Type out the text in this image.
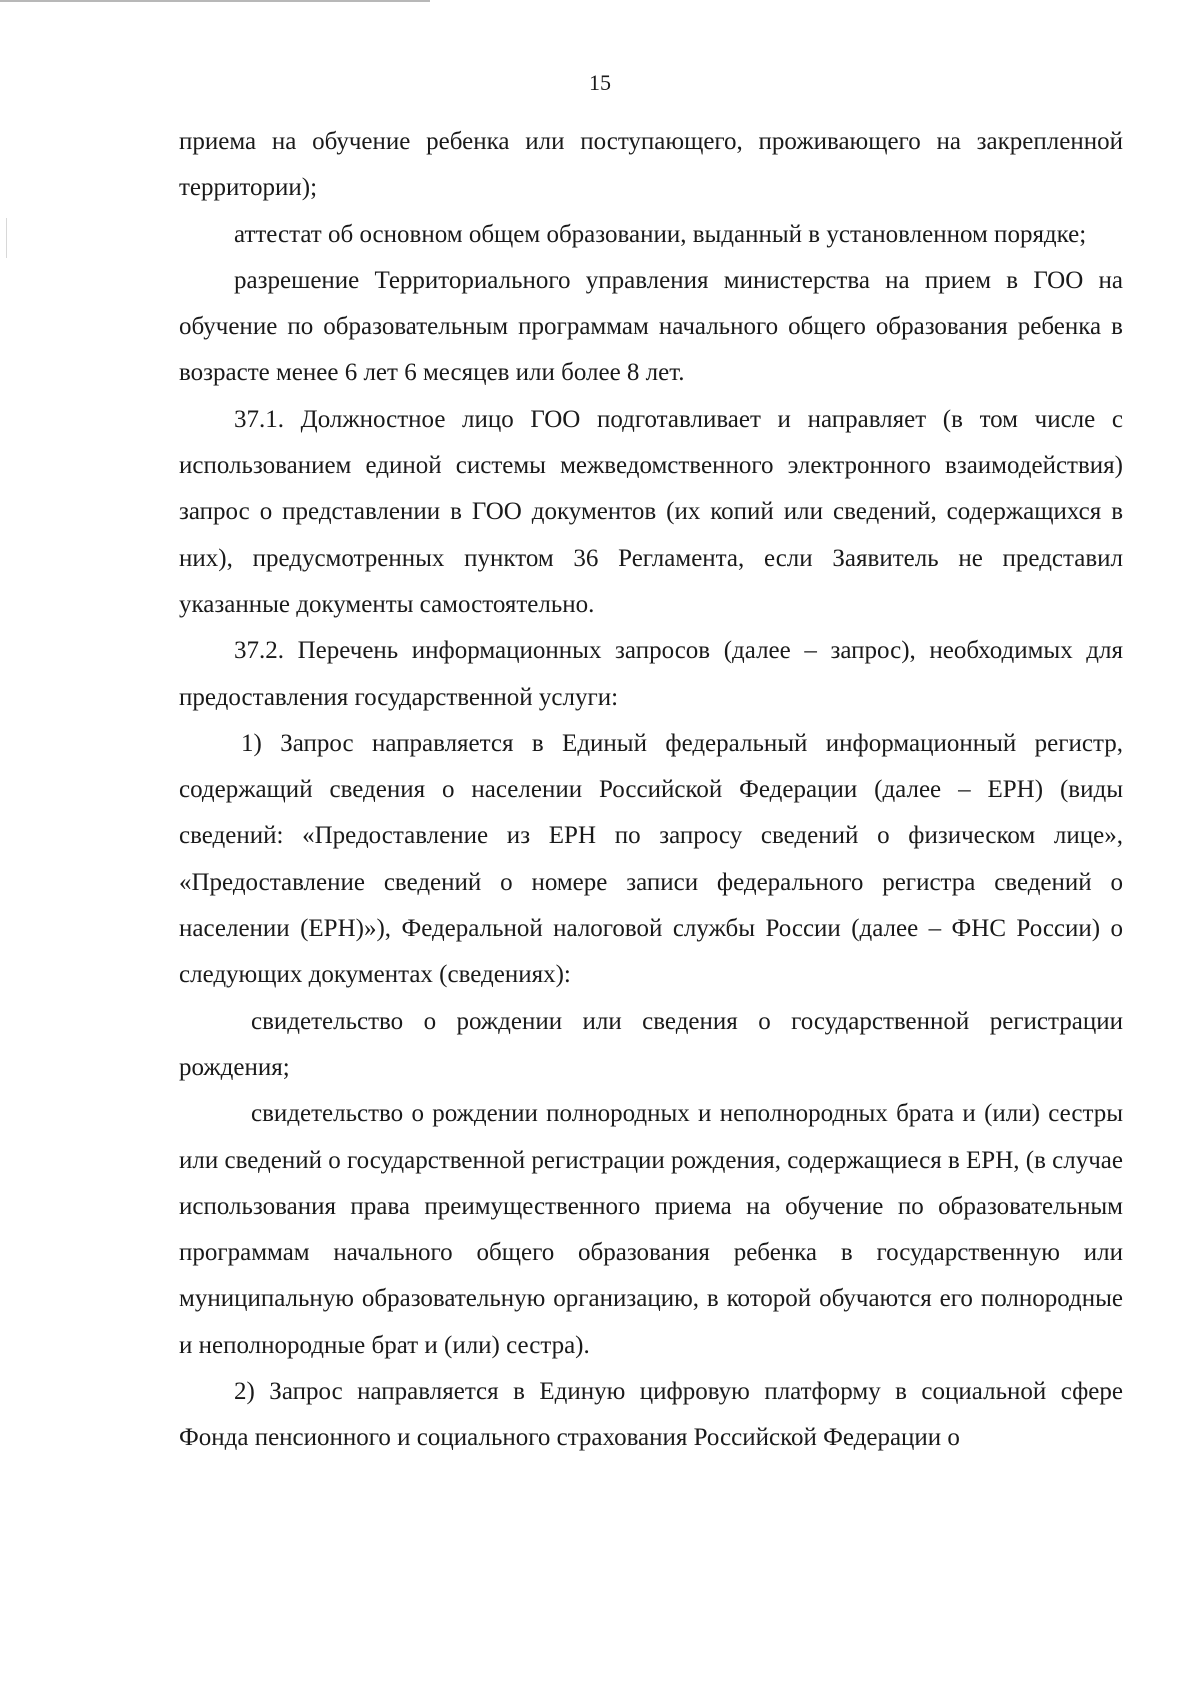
15

приема на обучение ребенка или поступающего, проживающего на закрепленной территории);

аттестат об основном общем образовании, выданный в установленном порядке;

разрешение Территориального управления министерства на прием в ГОО на обучение по образовательным программам начального общего образования ребенка в возрасте менее 6 лет 6 месяцев или более 8 лет.

37.1. Должностное лицо ГОО подготавливает и направляет (в том числе с использованием единой системы межведомственного электронного взаимодействия) запрос о представлении в ГОО документов (их копий или сведений, содержащихся в них), предусмотренных пунктом 36 Регламента, если Заявитель не представил указанные документы самостоятельно.

37.2. Перечень информационных запросов (далее – запрос), необходимых для предоставления государственной услуги:

1) Запрос направляется в Единый федеральный информационный регистр, содержащий сведения о населении Российской Федерации (далее – ЕРН) (виды сведений: «Предоставление из ЕРН по запросу сведений о физическом лице», «Предоставление сведений о номере записи федерального регистра сведений о населении (ЕРН)»), Федеральной налоговой службы России (далее – ФНС России) о следующих документах (сведениях):

свидетельство о рождении или сведения о государственной регистрации рождения;

свидетельство о рождении полнородных и неполнородных брата и (или) сестры или сведений о государственной регистрации рождения, содержащиеся в ЕРН, (в случае использования права преимущественного приема на обучение по образовательным программам начального общего образования ребенка в государственную или муниципальную образовательную организацию, в которой обучаются его полнородные и неполнородные брат и (или) сестра).

2) Запрос направляется в Единую цифровую платформу в социальной сфере Фонда пенсионного и социального страхования Российской Федерации о
